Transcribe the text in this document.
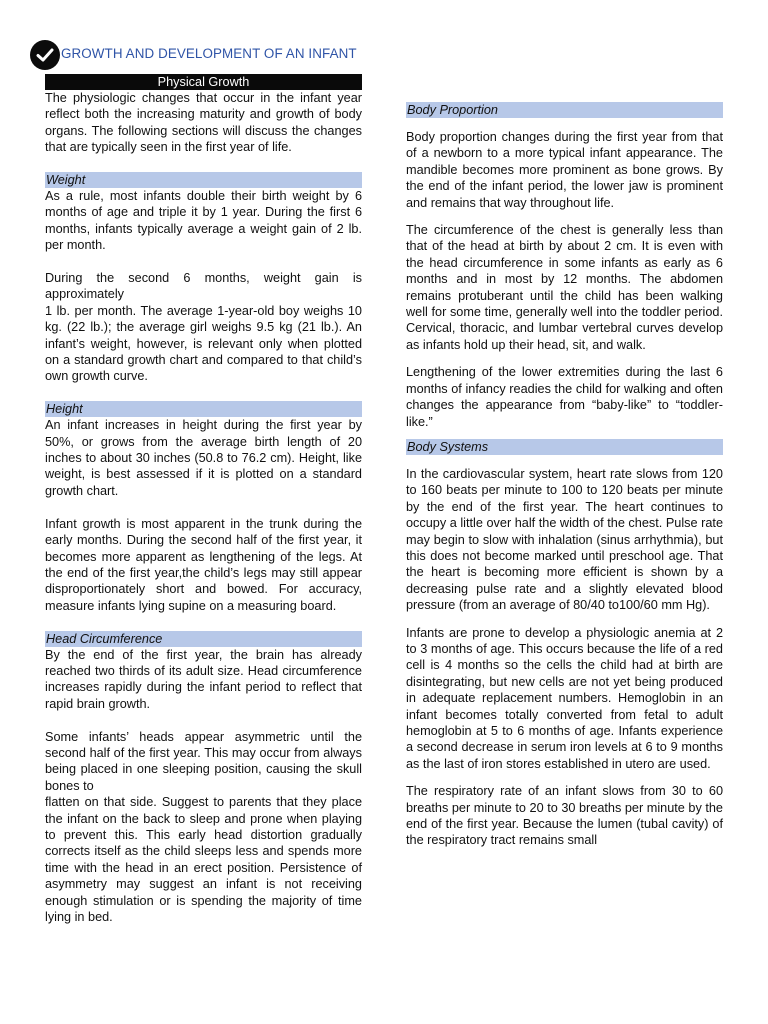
GROWTH AND DEVELOPMENT OF AN INFANT
Physical Growth

The physiologic changes that occur in the infant year reflect both the increasing maturity and growth of body organs. The following sections will discuss the changes that are typically seen in the first year of life.

Weight

As a rule, most infants double their birth weight by 6 months of age and triple it by 1 year. During the first 6 months, infants typically average a weight gain of 2 lb. per month.

During the second 6 months, weight gain is approximately

1 lb. per month. The average 1-year-old boy weighs 10 kg. (22 lb.); the average girl weighs 9.5 kg (21 lb.). An infant’s weight, however, is relevant only when plotted on a standard growth chart and compared to that child’s own growth curve.

Height

An infant increases in height during the first year by 50%, or grows from the average birth length of 20 inches to about 30 inches (50.8 to 76.2 cm). Height, like weight, is best assessed if it is plotted on a standard growth chart.

Infant growth is most apparent in the trunk during the early months. During the second half of the first year, it becomes more apparent as lengthening of the legs. At the end of the first year,the child’s legs may still appear disproportionately short and bowed. For accuracy, measure infants lying supine on a measuring board.

Head Circumference

By the end of the first year, the brain has already reached two thirds of its adult size. Head circumference increases rapidly during the infant period to reflect that rapid brain growth.

Some infants’ heads appear asymmetric until the second half of the first year. This may occur from always being placed in one sleeping position, causing the skull bones to

flatten on that side. Suggest to parents that they place the infant on the back to sleep and prone when playing to prevent this. This early head distortion gradually corrects itself as the child sleeps less and spends more time with the head in an erect position. Persistence of asymmetry may suggest an infant is not receiving enough stimulation or is spending the majority of time lying in bed.

Body Proportion

Body proportion changes during the first year from that of a newborn to a more typical infant appearance. The mandible becomes more prominent as bone grows. By the end of the infant period, the lower jaw is prominent and remains that way throughout life.

The circumference of the chest is generally less than that of the head at birth by about 2 cm. It is even with the head circumference in some infants as early as 6 months and in most by 12 months. The abdomen remains protuberant until the child has been walking well for some time, generally well into the toddler period. Cervical, thoracic, and lumbar vertebral curves develop as infants hold up their head, sit, and walk.

Lengthening of the lower extremities during the last 6 months of infancy readies the child for walking and often changes the appearance from “baby-like” to “toddler-like.”

Body Systems

In the cardiovascular system, heart rate slows from 120 to 160 beats per minute to 100 to 120 beats per minute by the end of the first year. The heart continues to occupy a little over half the width of the chest. Pulse rate may begin to slow with inhalation (sinus arrhythmia), but this does not become marked until preschool age. That the heart is becoming more efficient is shown by a decreasing pulse rate and a slightly elevated blood pressure (from an average of 80/40 to100/60 mm Hg).

Infants are prone to develop a physiologic anemia at 2 to 3 months of age. This occurs because the life of a red cell is 4 months so the cells the child had at birth are disintegrating, but new cells are not yet being produced in adequate replacement numbers. Hemoglobin in an infant becomes totally converted from fetal to adult hemoglobin at 5 to 6 months of age. Infants experience a second decrease in serum iron levels at 6 to 9 months as the last of iron stores established in utero are used.

The respiratory rate of an infant slows from 30 to 60 breaths per minute to 20 to 30 breaths per minute by the end of the first year. Because the lumen (tubal cavity) of the respiratory tract remains small
